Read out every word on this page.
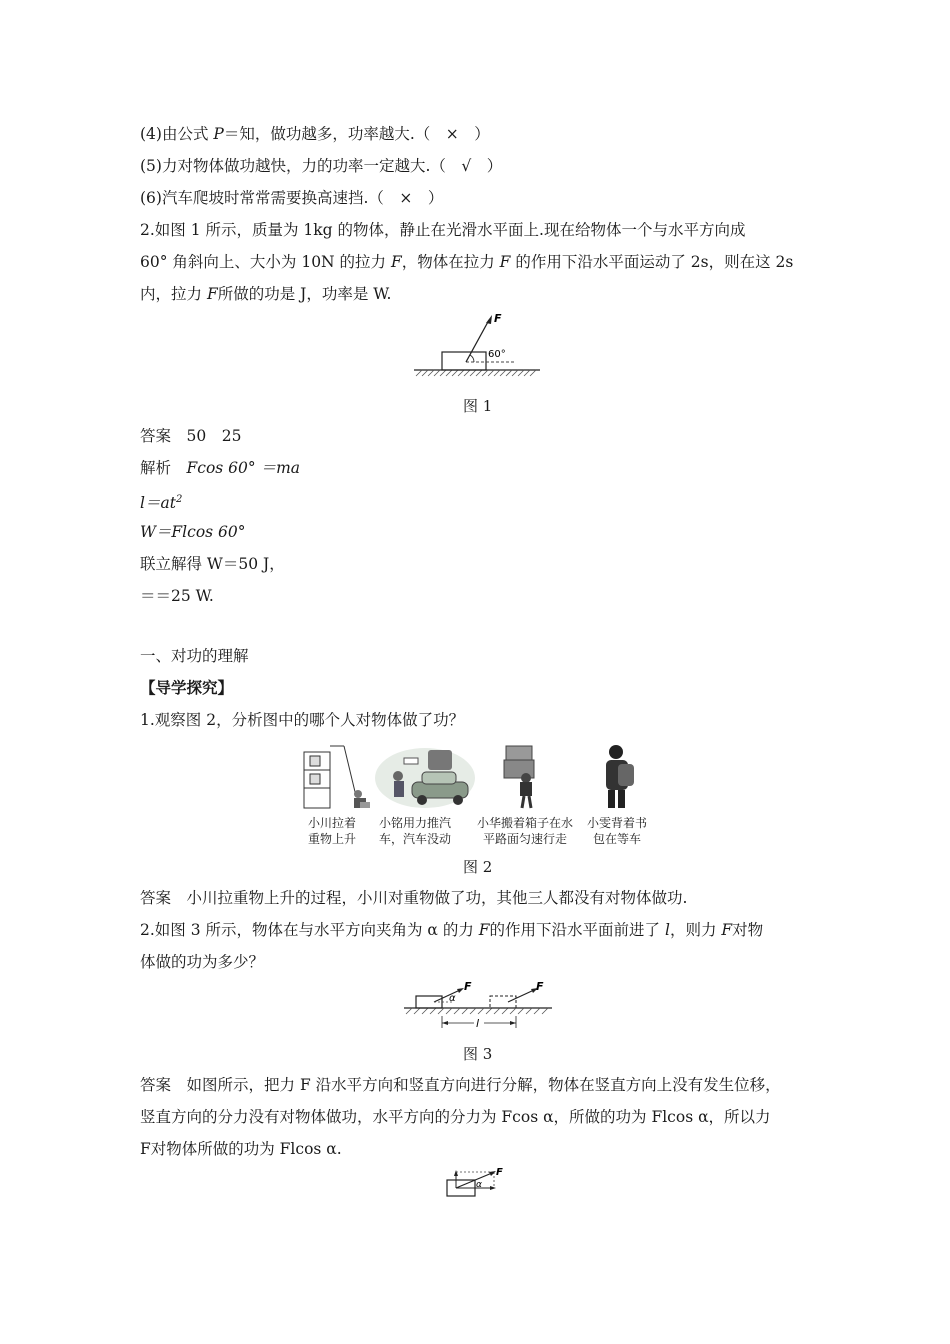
(4)由公式 P＝知，做功越多，功率越大.（　×　）
(5)力对物体做功越快，力的功率一定越大.（　√　）
(6)汽车爬坡时常常需要换高速挡.（　×　）
2.如图 1 所示，质量为 1kg 的物体，静止在光滑水平面上.现在给物体一个与水平方向成
60° 角斜向上、大小为 10N 的拉力 F，物体在拉力 F 的作用下沿水平面运动了 2s，则在这 2s
内，拉力 F所做的功是 J，功率是 W.
F
60°
图 1
答案　 50　25
解析　 Fcos 60° ＝ma
$l=at^2$
W＝Flcos 60°
联立解得 W＝50 J，
＝＝25 W.
一、对功的理解
【导学探究】
1.观察图 2，分析图中的哪个人对物体做了功？
小川拉着
重物上升
小铭用力推汽
车，汽车没动
小华搬着箱子在水
平路面匀速行走
小雯背着书
包在等车
图 2
答案　 小川拉重物上升的过程，小川对重物做了功，其他三人都没有对物体做功.
2.如图 3 所示，物体在与水平方向夹角为 α 的力 F的作用下沿水平面前进了 l，则力 F对物
体做的功为多少？
α
F	F
l
图 3
答案　 如图所示，把力 F 沿水平方向和竖直方向进行分解，物体在竖直方向上没有发生位移，
竖直方向的分力没有对物体做功，水平方向的分力为 Fcos α，所做的功为 Flcos α，所以力
F对物体所做的功为 Flcos α.
F
α
